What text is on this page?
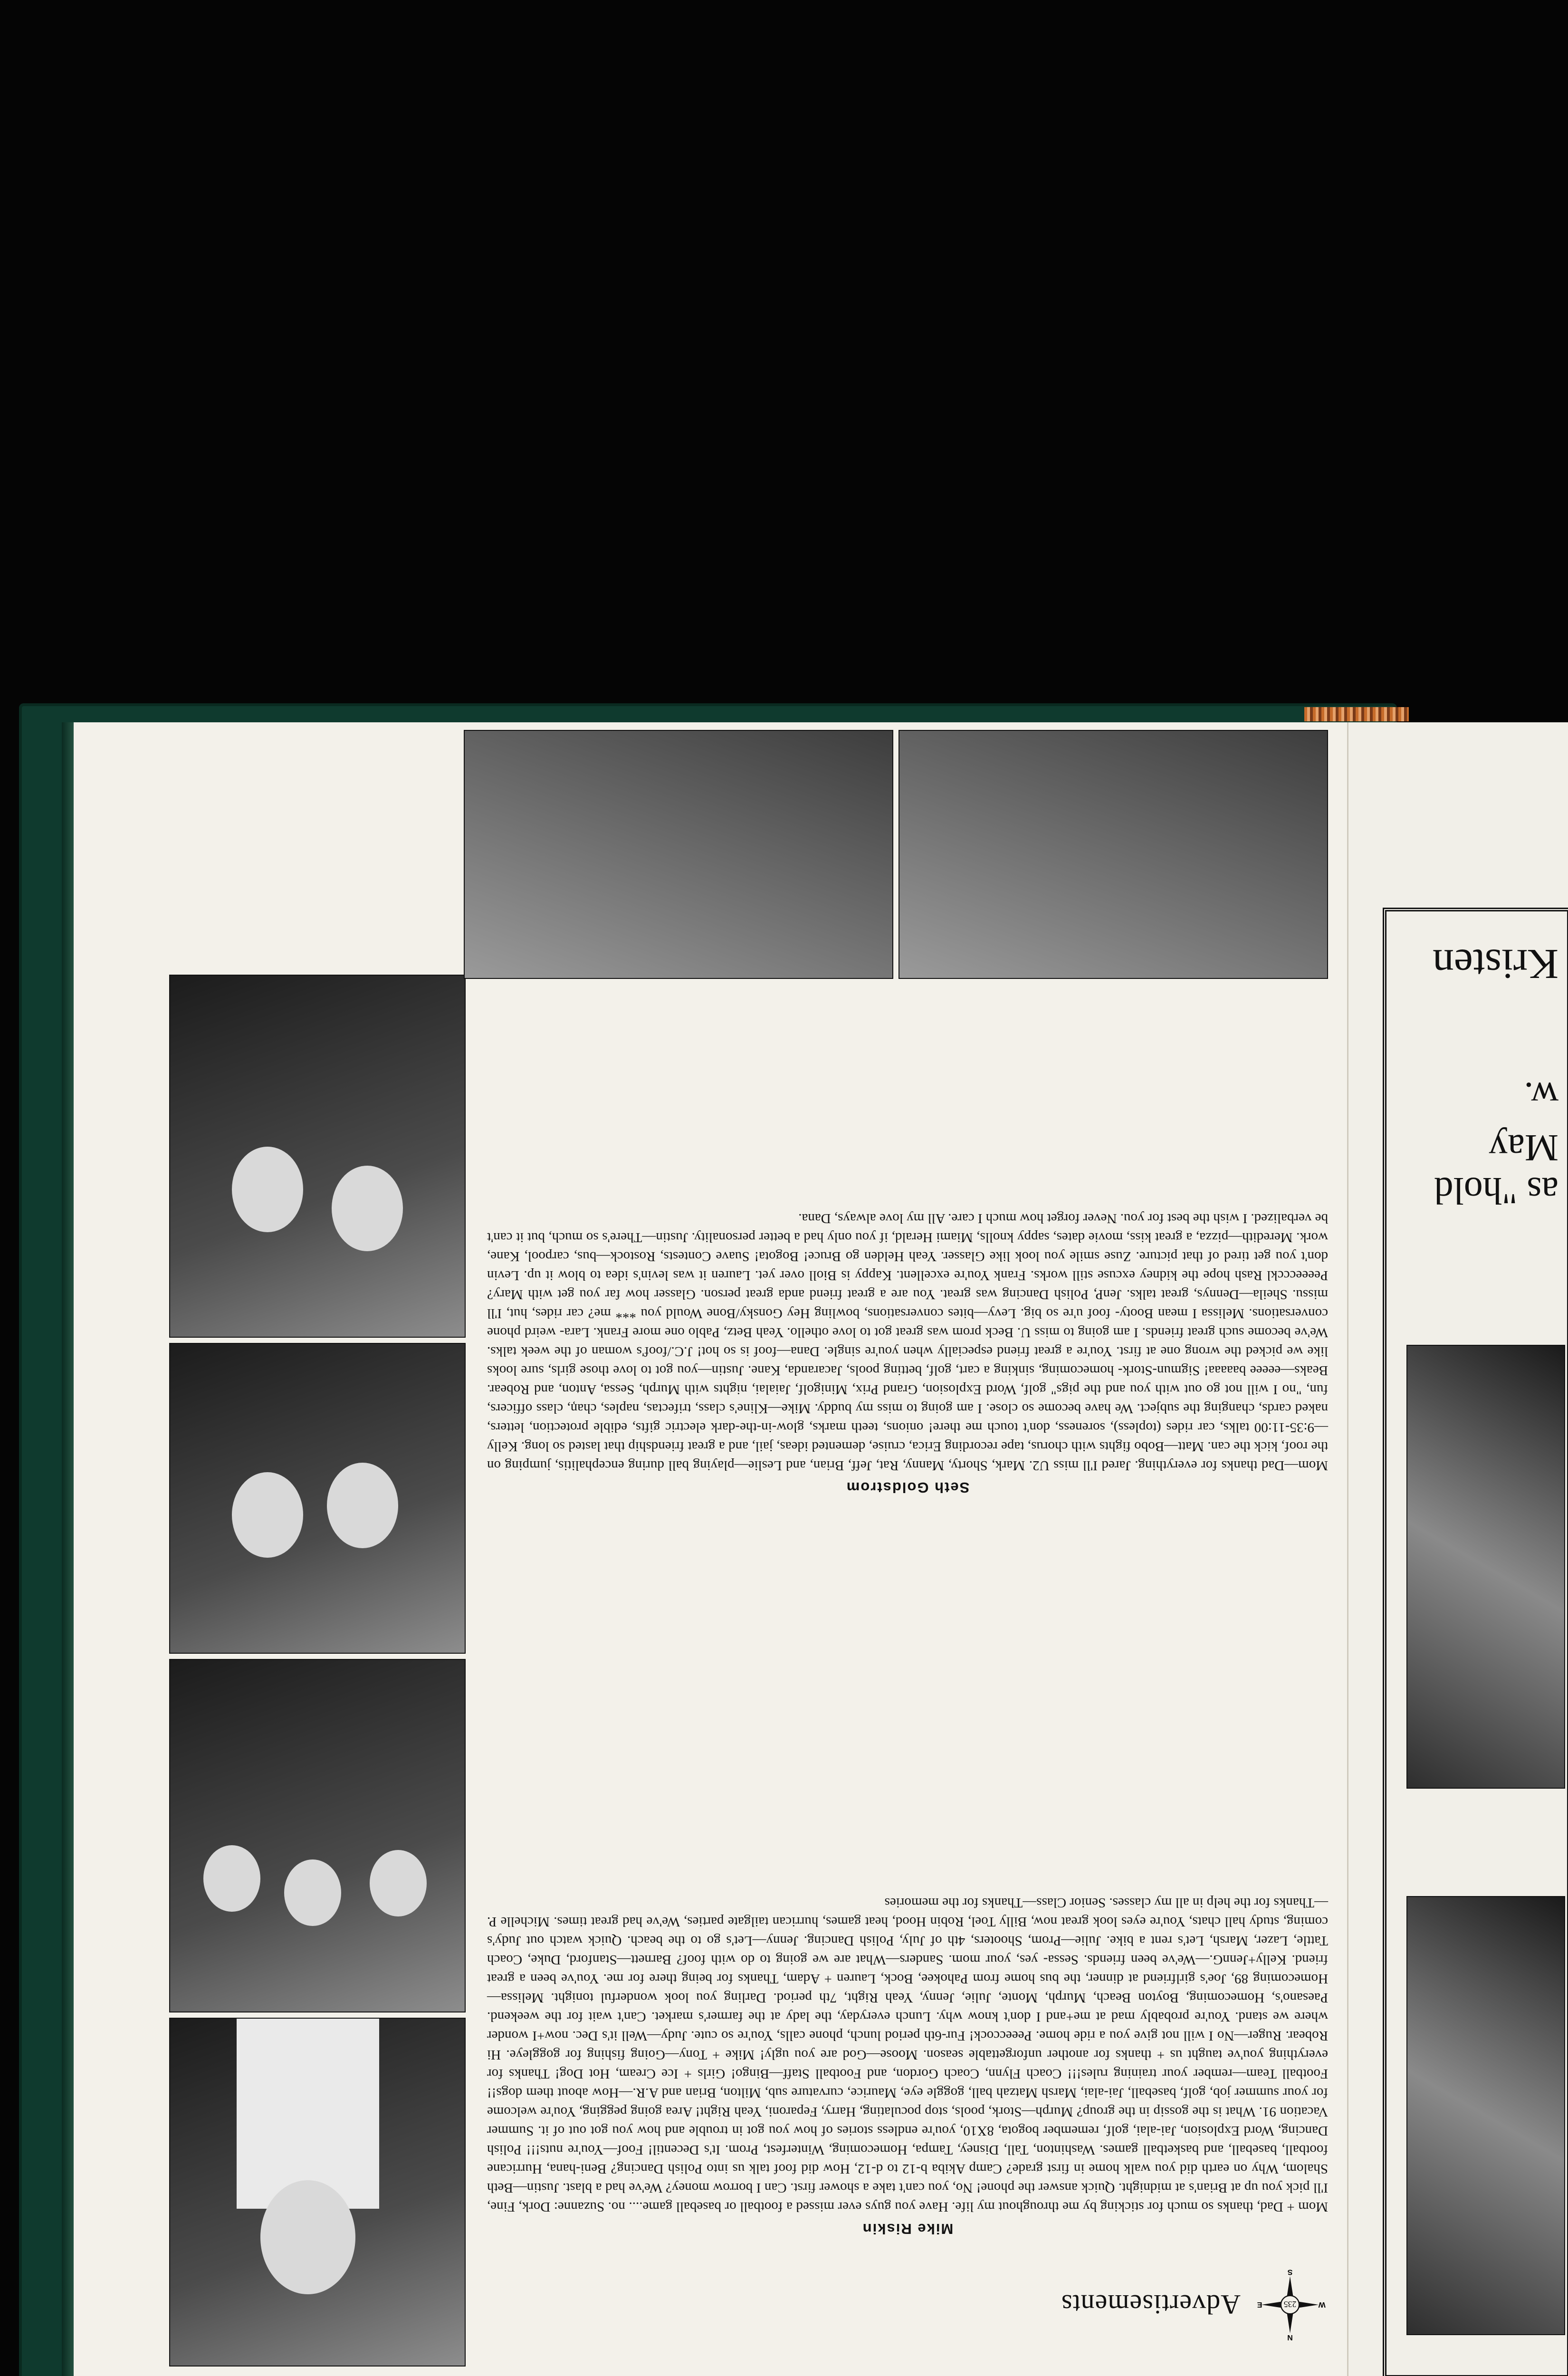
235
N
E
S
W
Advertisements
Mike Riskin
Mom + Dad, thanks so much for sticking by me throughout my life. Have you guys ever missed a football or baseball game.... no. Suzanne: Dork, Fine, I'll pick you up at Brian's at midnight. Quick answer the phone! No, you can't take a shower first. Can I borrow money? We've had a blast. Justin—Beth Shalom, Why on earth did you walk home in first grade? Camp Akiba b-12 to d-12, How did foof talk us into Polish Dancing? Beni-hana, Hurricane football, baseball, and basketball games. Washinton, Tall, Disney, Tampa, Homecoming, Winterfest, Prom. It's Decentil! Foof—You're nuts!!! Polish Dancing, Word Explosion, Jai-alai, golf, remember bogota, 8X10, you're endless stories of how you got in trouble and how you got out of it. Summer Vacation 91. What is the gossip in the group? Murph—Stork, pools, stop poculating, Harry, Feparoni, Yeah Right! Area going pegging, You're welcome for your summer job, golf, baseball, Jai-alai, Marsh Matzah ball, goggle eye, Maurice, curvature sub, Milton, Brian and A.R.—How about them dogs!! Football Team—rember your training rules!!! Coach Flynn, Coach Gordon, and Football Staff—Bingo! Girls + Ice Cream, Hot Dog! Thanks for everything you've taught us + thanks for another unforgettable season. Moose—God are you ugly! Mike + Tony—Going fishing for goggleye. Hi Robear. Ruger—No I will not give you a ride home. Peeeccock! Fur-6th period lunch, phone calls, You're so cute. Judy—Well it's Dec. now+I wonder where we stand. You're probably mad at me+and I don't know why. Lunch everyday, the lady at the farmer's market. Can't wait for the weekend. Paesano's, Homecoming, Boyton Beach, Murph, Monte, Julie, Jenny, Yeah Right, 7th period. Darling you look wonderful tonight. Melissa—Homecoming 89, Joe's girlfriend at dinner, the bus home from Pahokee, Bock, Lauren + Adam, Thanks for being there for me. You've been a great friend. Kelly+JennG.—We've been friends. Sessa- yes, your mom. Sanders—What are we going to do with foof? Barnett—Stanford, Duke, Coach Tattle, Lazer, Marsh, Let's rent a bike. Julie—Prom, Shooters, 4th of July, Polish Dancing. Jenny—Let's go to the beach. Quick watch out Judy's coming, study hall chats, You're eyes look great now, Billy Toel, Robin Hood, heat games, hurrican tailgate parties, We've had great times. Michelle P.—Thanks for the help in all my classes. Senior Class—Thanks for the memories
Seth Goldstrom
Mom—Dad thanks for everything. Jared I'll miss U2. Mark, Shorty, Manny, Rat, Jeff, Brian, and Leslie—playing ball during encephalitis, jumping on the roof, kick the can. Matt—Bobo fights with chorus, tape recording Erica, cruise, demented ideas, jail, and a great friendship that lasted so long. Kelly—9:35-11:00 talks, car rides (topless), soreness, don't touch me there! onions, teeth marks, glow-in-the-dark electric gifts, edible protection, letters, naked cards, changing the subject. We have become so close. I am going to miss my buddy. Mike—Kline's class, trifectas, naples, chaņ, class officers, fun, "no I will not go out with you and the pigs" golf, Word Explosion, Grand Prix, Minigolf, Jaialai, nights with Murph, Sessa, Anton, and Robear. Beaks—eeeee baaaaa! Sigmun-Stork- homecoming, sinking a cart, golf, betting pools, Jacaranda, Kane. Justin—you got to love those girls, sure looks like we picked the wrong one at first. You're a great friend especially when you're single. Dana—foof is so hot! J.C./foof's woman of the week talks. We've become such great friends. I am going to miss U. Beck prom was great got to love othello. Yeah Betz, Pablo one more Frank. Lara- weird phone conversations. Melissa I mean Booty- foof u're so big. Levy—bites conversations, bowling Hey Gonsky/Bone Would you *** me? car rides, hut, I'll missu. Sheila—Dennys, great talks. JenP, Polish Dancing was great. You are a great friend anda great person. Glasser how far you get with Mary? Peeeeccckl Rash hope the kidney excuse still works. Frank You're excellent. Kappy is Bioll over yet. Lauren it was levin's idea to blow it up. Levin don't you get tired of that picture. Zuse smile you look like Glasser. Yeah Helden go Bruce! Bogota! Suave Contests, Rostock—bus, carpool, Kane, work. Meredith—pizza, a great kiss, movie dates, sappy knolls, Miami Herald, if you only had a better personality. Justin—There's so much, but it can't be verbalized. I wish the best for you. Never forget how much I care. All my love always, Dana.
Kristen
w.
May
as "hold
